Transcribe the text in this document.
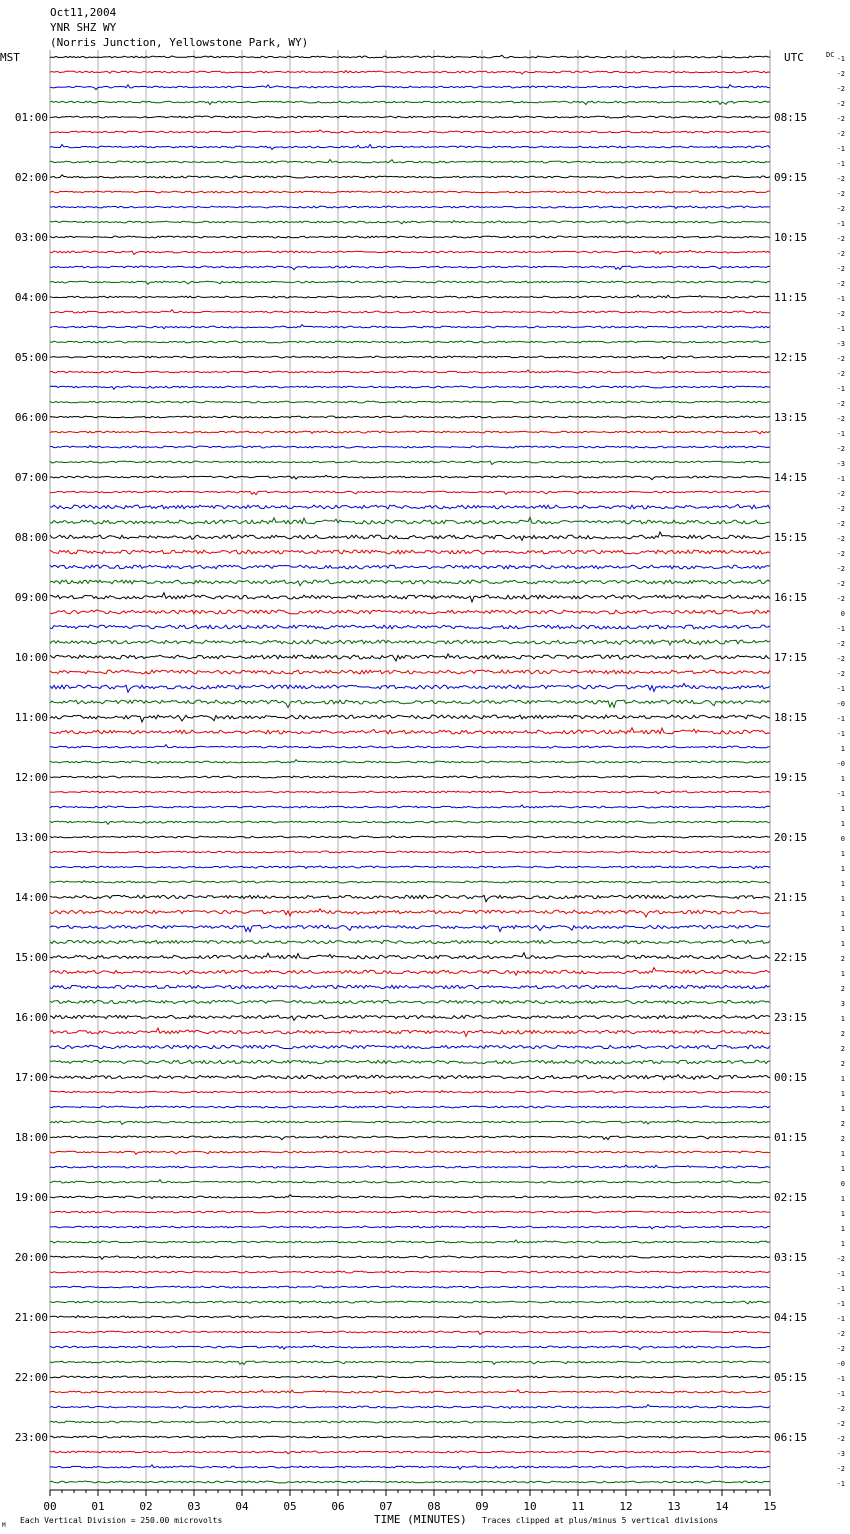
Oct11,2004
YNR SHZ WY
(Norris Junction, Yellowstone Park, WY)
MST	UTC	DC
00	01	02	03	04	05	06	07	08	09	10	11	12	13	14	15
01:00
02:00
03:00
04:00
05:00
06:00
07:00
08:00
09:00
10:00
11:00
12:00
13:00
14:00
15:00
16:00
17:00
18:00
19:00
20:00
21:00
22:00
23:00
08:15
09:15
10:15
11:15
12:15
13:15
14:15
15:15
16:15
17:15
18:15
19:15
20:15
21:15
22:15
23:15
00:15
01:15
02:15
03:15
04:15
05:15
06:15
-1
-2
-2
-2
-2
-2
-1
-1
-2
-2
-2
-1
-2
-2
-2
-2
-1
-2
-1
-3
-2
-2
-1
-2
-2
-1
-2
-3
-1
-2
-2
-2
-2
-2
-2
-2
-2
0
-1
-2
-2
-2
-1
-0
-1
-1
1
-0
1
-1
1
1
0
1
1
1
1
1
1
1
2
1
2
3
1
2
2
2
1
1
1
2
2
1
1
0
1
1
1
1
-2
-1
-1
-1
-1
-2
-2
-0
-1
-1
-2
-2
-2
-3
-2
-1
M
Each Vertical Division = 250.00 microvolts	TIME (MINUTES) Traces clipped at plus/minus 5 vertical divisions
